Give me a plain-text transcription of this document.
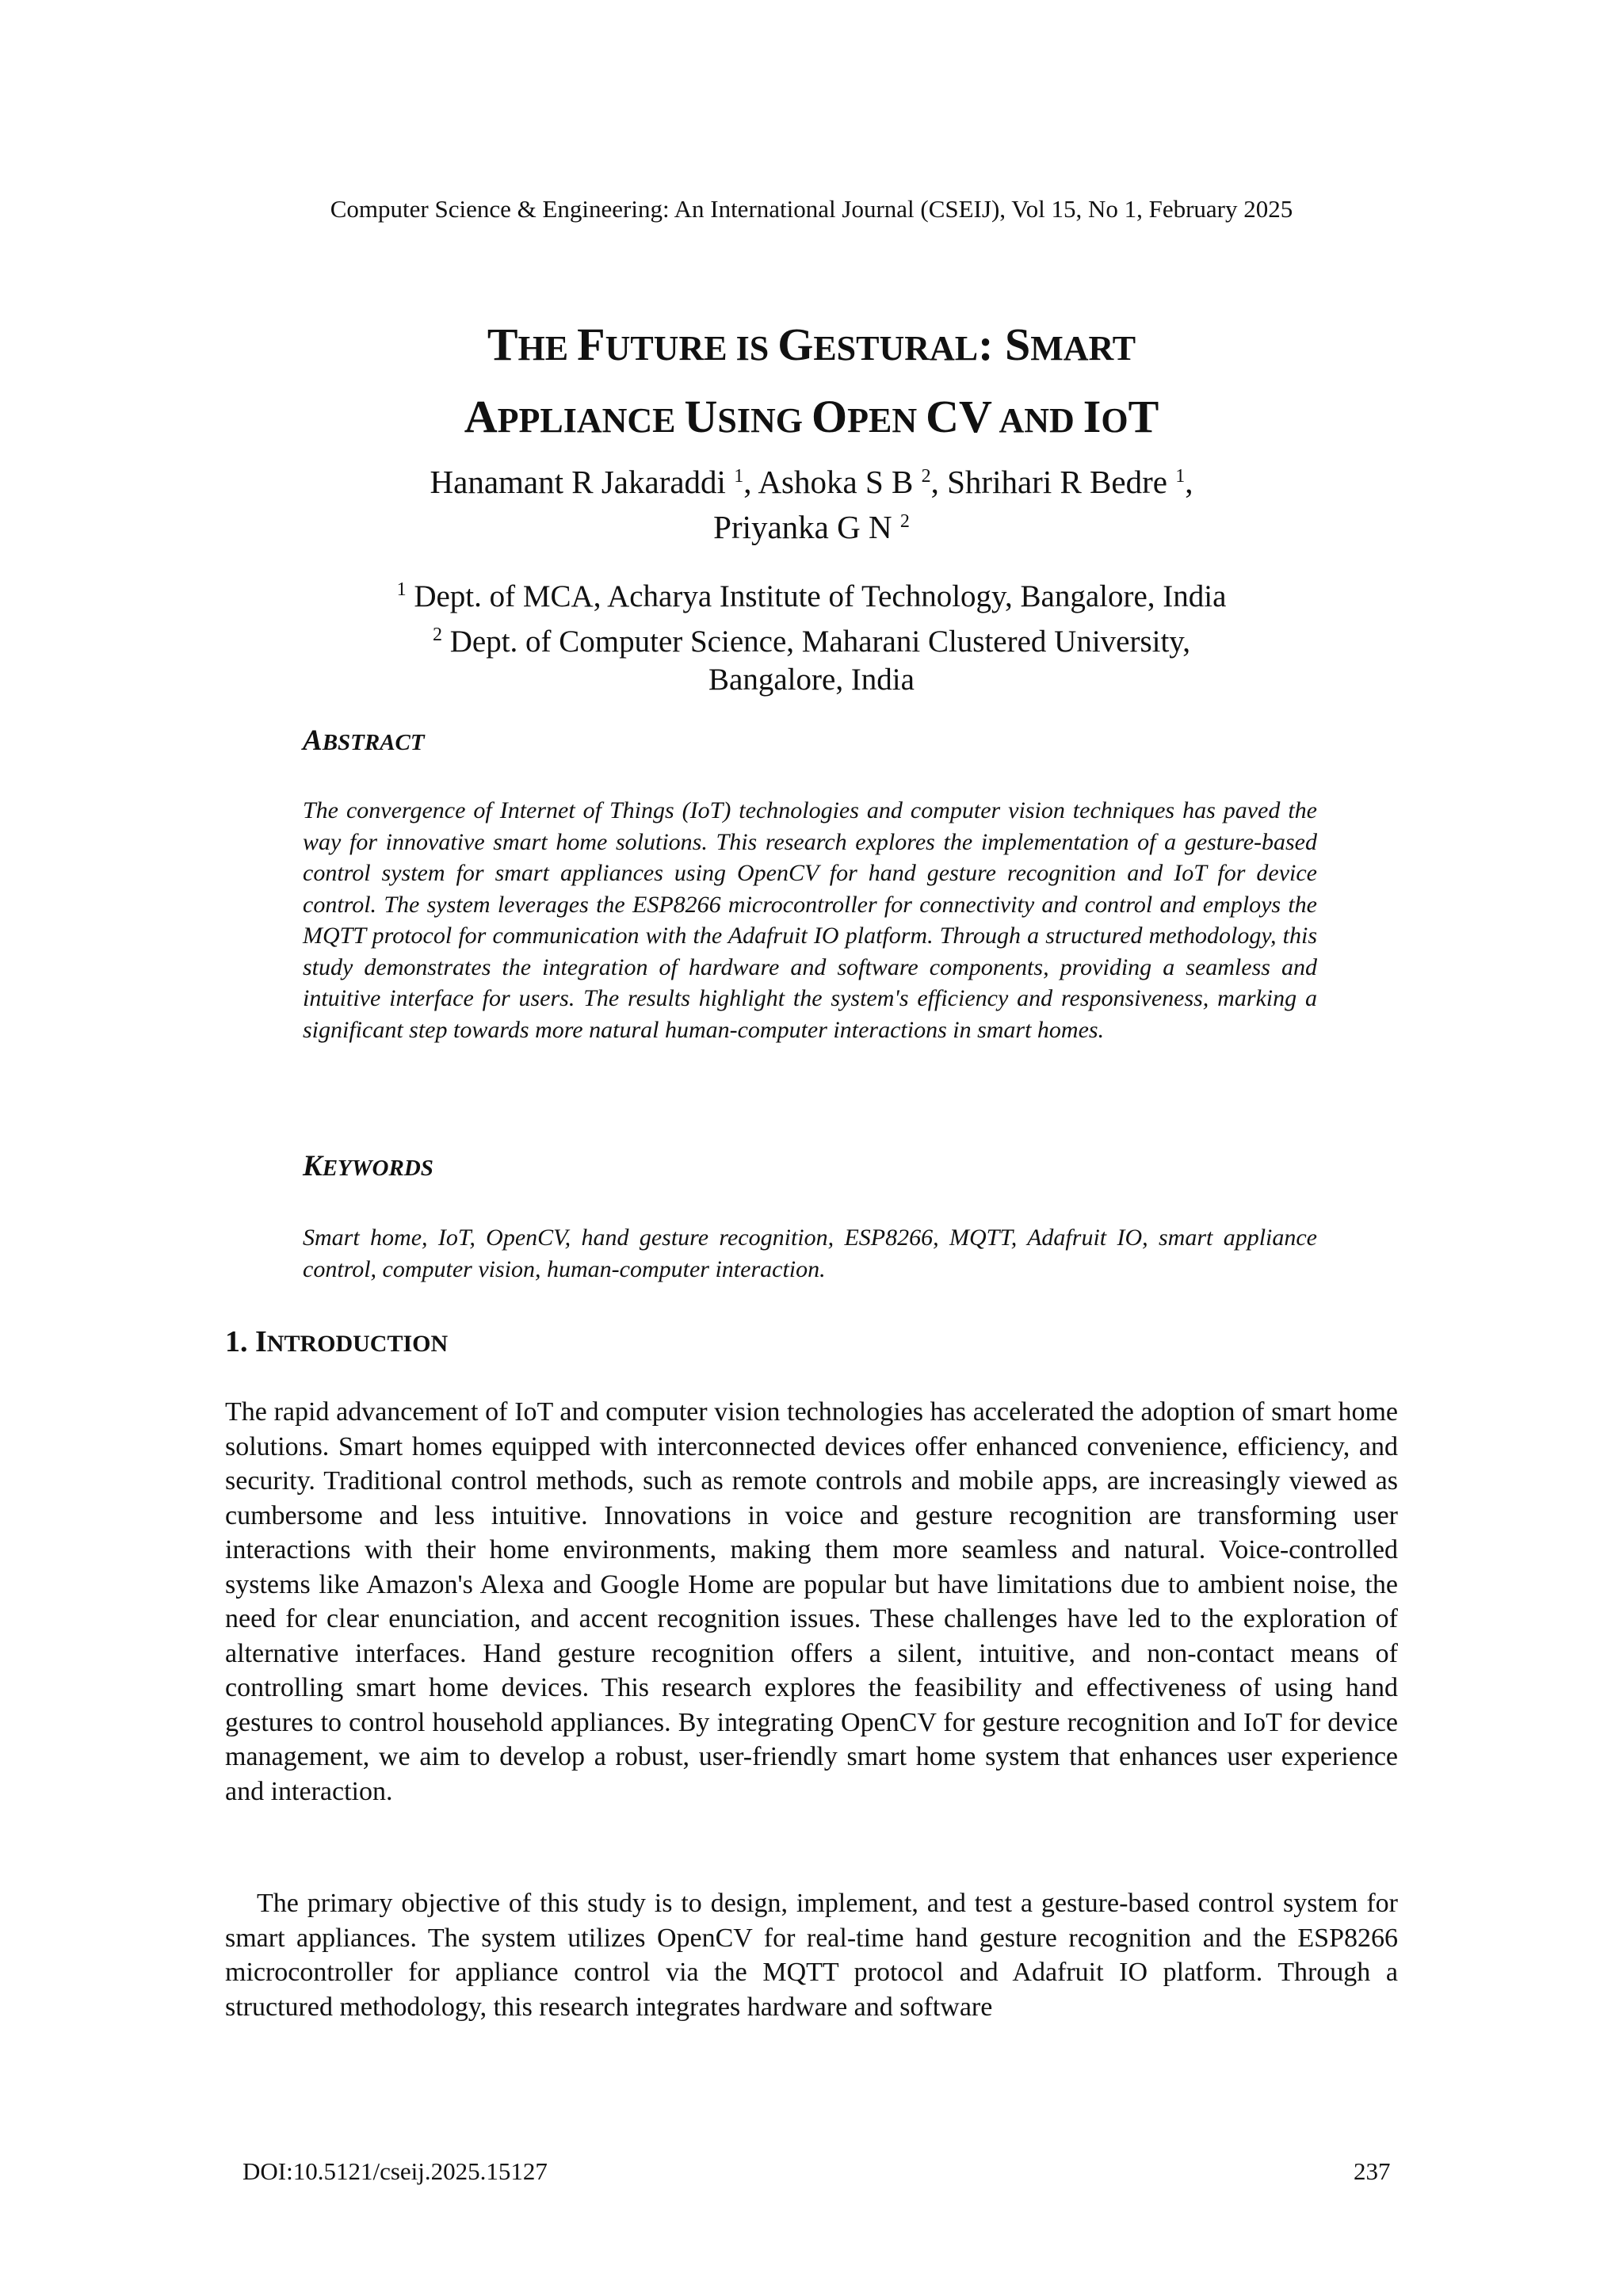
Computer Science & Engineering: An International Journal (CSEIJ), Vol 15, No 1, February 2025
THE FUTURE IS GESTURAL: SMART
APPLIANCE USING OPEN CV AND IOT
Hanamant R Jakaraddi $^1$, Ashoka S B $^2$, Shrihari R Bedre $^1$,
Priyanka G N $^2$
$^1$ Dept. of MCA, Acharya Institute of Technology, Bangalore, India
$^2$ Dept. of Computer Science, Maharani Clustered University,
Bangalore, India
ABSTRACT
The convergence of Internet of Things (IoT) technologies and computer vision techniques has paved the way for innovative smart home solutions. This research explores the implementation of a gesture-based control system for smart appliances using OpenCV for hand gesture recognition and IoT for device control. The system leverages the ESP8266 microcontroller for connectivity and control and employs the MQTT protocol for communication with the Adafruit IO platform. Through a structured methodology, this study demonstrates the integration of hardware and software components, providing a seamless and intuitive interface for users. The results highlight the system's efficiency and responsiveness, marking a significant step towards more natural human-computer interactions in smart homes.
KEYWORDS
Smart home, IoT, OpenCV, hand gesture recognition, ESP8266, MQTT, Adafruit IO, smart appliance control, computer vision, human-computer interaction.
1. INTRODUCTION
The rapid advancement of IoT and computer vision technologies has accelerated the adoption of smart home solutions. Smart homes equipped with interconnected devices offer enhanced convenience, efficiency, and security. Traditional control methods, such as remote controls and mobile apps, are increasingly viewed as cumbersome and less intuitive. Innovations in voice and gesture recognition are transforming user interactions with their home environments, making them more seamless and natural. Voice-controlled systems like Amazon's Alexa and Google Home are popular but have limitations due to ambient noise, the need for clear enunciation, and accent recognition issues. These challenges have led to the exploration of alternative interfaces. Hand gesture recognition offers a silent, intuitive, and non-contact means of controlling smart home devices. This research explores the feasibility and effectiveness of using hand gestures to control household appliances. By integrating OpenCV for gesture recognition and IoT for device management, we aim to develop a robust, user-friendly smart home system that enhances user experience and interaction.
The primary objective of this study is to design, implement, and test a gesture-based control system for smart appliances. The system utilizes OpenCV for real-time hand gesture recognition and the ESP8266 microcontroller for appliance control via the MQTT protocol and Adafruit IO platform. Through a structured methodology, this research integrates hardware and software
DOI:10.5121/cseij.2025.15127	237
